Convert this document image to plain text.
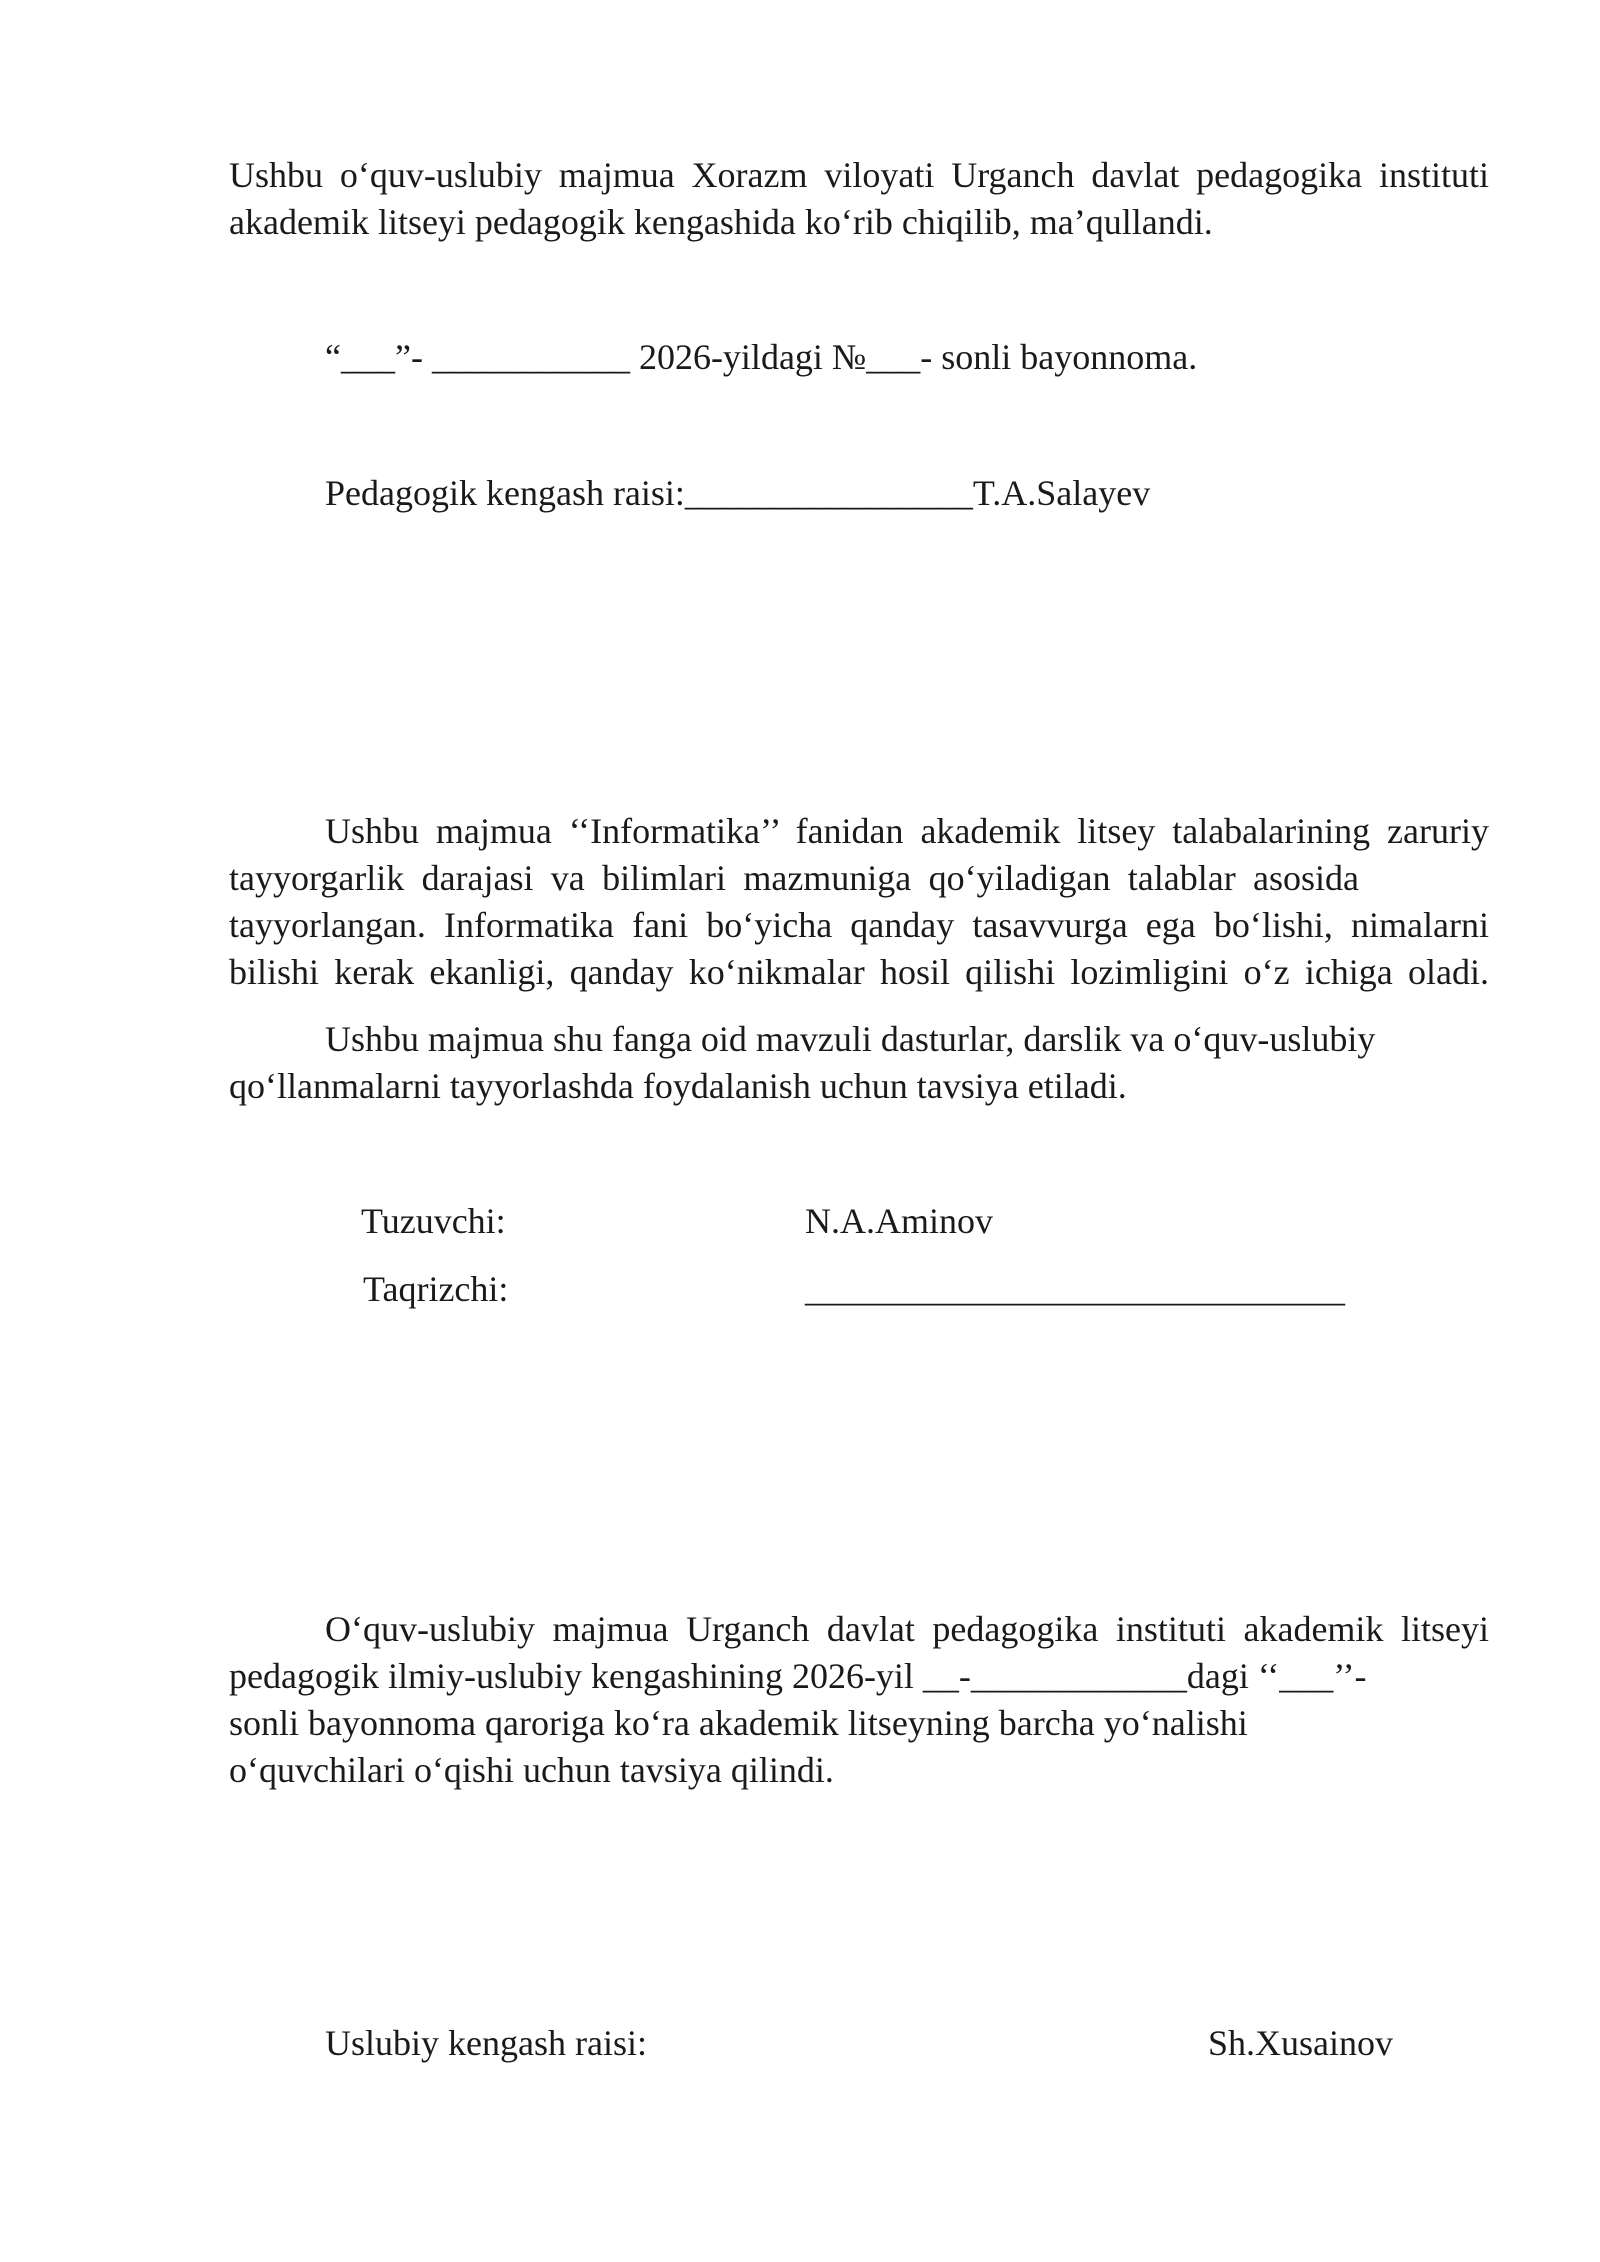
Ushbu o‘quv-uslubiy majmua Xorazm viloyati Urganch davlat pedagogika instituti
akademik litseyi pedagogik kengashida ko‘rib chiqilib, ma’qullandi.
“___”- ___________ 2026-yildagi №___- sonli bayonnoma.
Pedagogik kengash raisi:________________T.A.Salayev
Ushbu majmua ‘‘Informatika’’ fanidan akademik litsey talabalarining zaruriy
tayyorgarlik darajasi va bilimlari mazmuniga qo‘yiladigan talablar asosida
tayyorlangan. Informatika fani bo‘yicha qanday tasavvurga ega bo‘lishi, nimalarni
bilishi kerak ekanligi, qanday ko‘nikmalar hosil qilishi lozimligini o‘z ichiga oladi.
Ushbu majmua shu fanga oid mavzuli dasturlar, darslik va o‘quv-uslubiy
qo‘llanmalarni tayyorlashda foydalanish uchun tavsiya etiladi.
Tuzuvchi:	N.A.Aminov
Taqrizchi:	______________________________
O‘quv-uslubiy majmua Urganch davlat pedagogika instituti akademik litseyi
pedagogik ilmiy-uslubiy kengashining 2026-yil __-____________dagi ‘‘___’’-
sonli bayonnoma qaroriga ko‘ra akademik litseyning barcha yo‘nalishi
o‘quvchilari o‘qishi uchun tavsiya qilindi.
Uslubiy kengash raisi:	Sh.Xusainov
